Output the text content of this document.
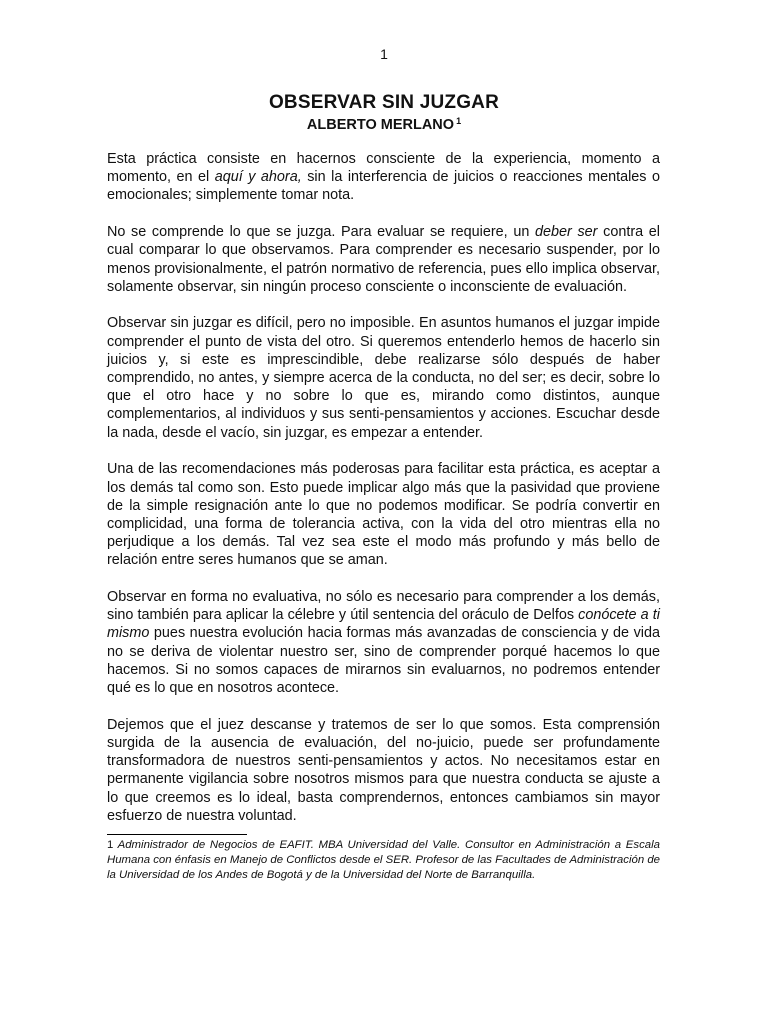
1
OBSERVAR SIN JUZGAR
ALBERTO MERLANO $^1$

Esta práctica consiste en hacernos consciente de la experiencia, momento a momento, en el aquí y ahora, sin la interferencia de juicios o reacciones mentales o emocionales; simplemente tomar nota.

No se comprende lo que se juzga. Para evaluar se requiere, un deber ser contra el cual comparar lo que observamos. Para comprender es necesario suspender, por lo menos provisionalmente, el patrón normativo de referencia, pues ello implica observar, solamente observar, sin ningún proceso consciente o inconsciente de evaluación.

Observar sin juzgar es difícil, pero no imposible. En asuntos humanos el juzgar impide comprender el punto de vista del otro. Si queremos entenderlo hemos de hacerlo sin juicios y, si este es imprescindible, debe realizarse sólo después de haber comprendido, no antes, y siempre acerca de la conducta, no del ser; es decir, sobre lo que el otro hace y no sobre lo que es, mirando como distintos, aunque complementarios, al individuos y sus senti-pensamientos y acciones. Escuchar desde la nada, desde el vacío, sin juzgar, es empezar a entender.

Una de las recomendaciones más poderosas para facilitar esta práctica, es aceptar a los demás tal como son. Esto puede implicar algo más que la pasividad que proviene de la simple resignación ante lo que no podemos modificar. Se podría convertir en complicidad, una forma de tolerancia activa, con la vida del otro mientras ella no perjudique a los demás. Tal vez sea este el modo más profundo y más bello de relación entre seres humanos que se aman.

Observar en forma no evaluativa, no sólo es necesario para comprender a los demás, sino también para aplicar la célebre y útil sentencia del oráculo de Delfos conócete a ti mismo pues nuestra evolución hacia formas más avanzadas de consciencia y de vida no se deriva de violentar nuestro ser, sino de comprender porqué hacemos lo que hacemos. Si no somos capaces de mirarnos sin evaluarnos, no podremos entender qué es lo que en nosotros acontece.

Dejemos que el juez descanse y tratemos de ser lo que somos. Esta comprensión surgida de la ausencia de evaluación, del no-juicio, puede ser profundamente transformadora de nuestros senti-pensamientos y actos. No necesitamos estar en permanente vigilancia sobre nosotros mismos para que nuestra conducta se ajuste a lo que creemos es lo ideal, basta comprendernos, entonces cambiamos sin mayor esfuerzo de nuestra voluntad.

1 Administrador de Negocios de EAFIT. MBA Universidad del Valle. Consultor en Administración a Escala Humana con énfasis en Manejo de Conflictos desde el SER. Profesor de las Facultades de Administración de la Universidad de los Andes de Bogotá y de la Universidad del Norte de Barranquilla.
